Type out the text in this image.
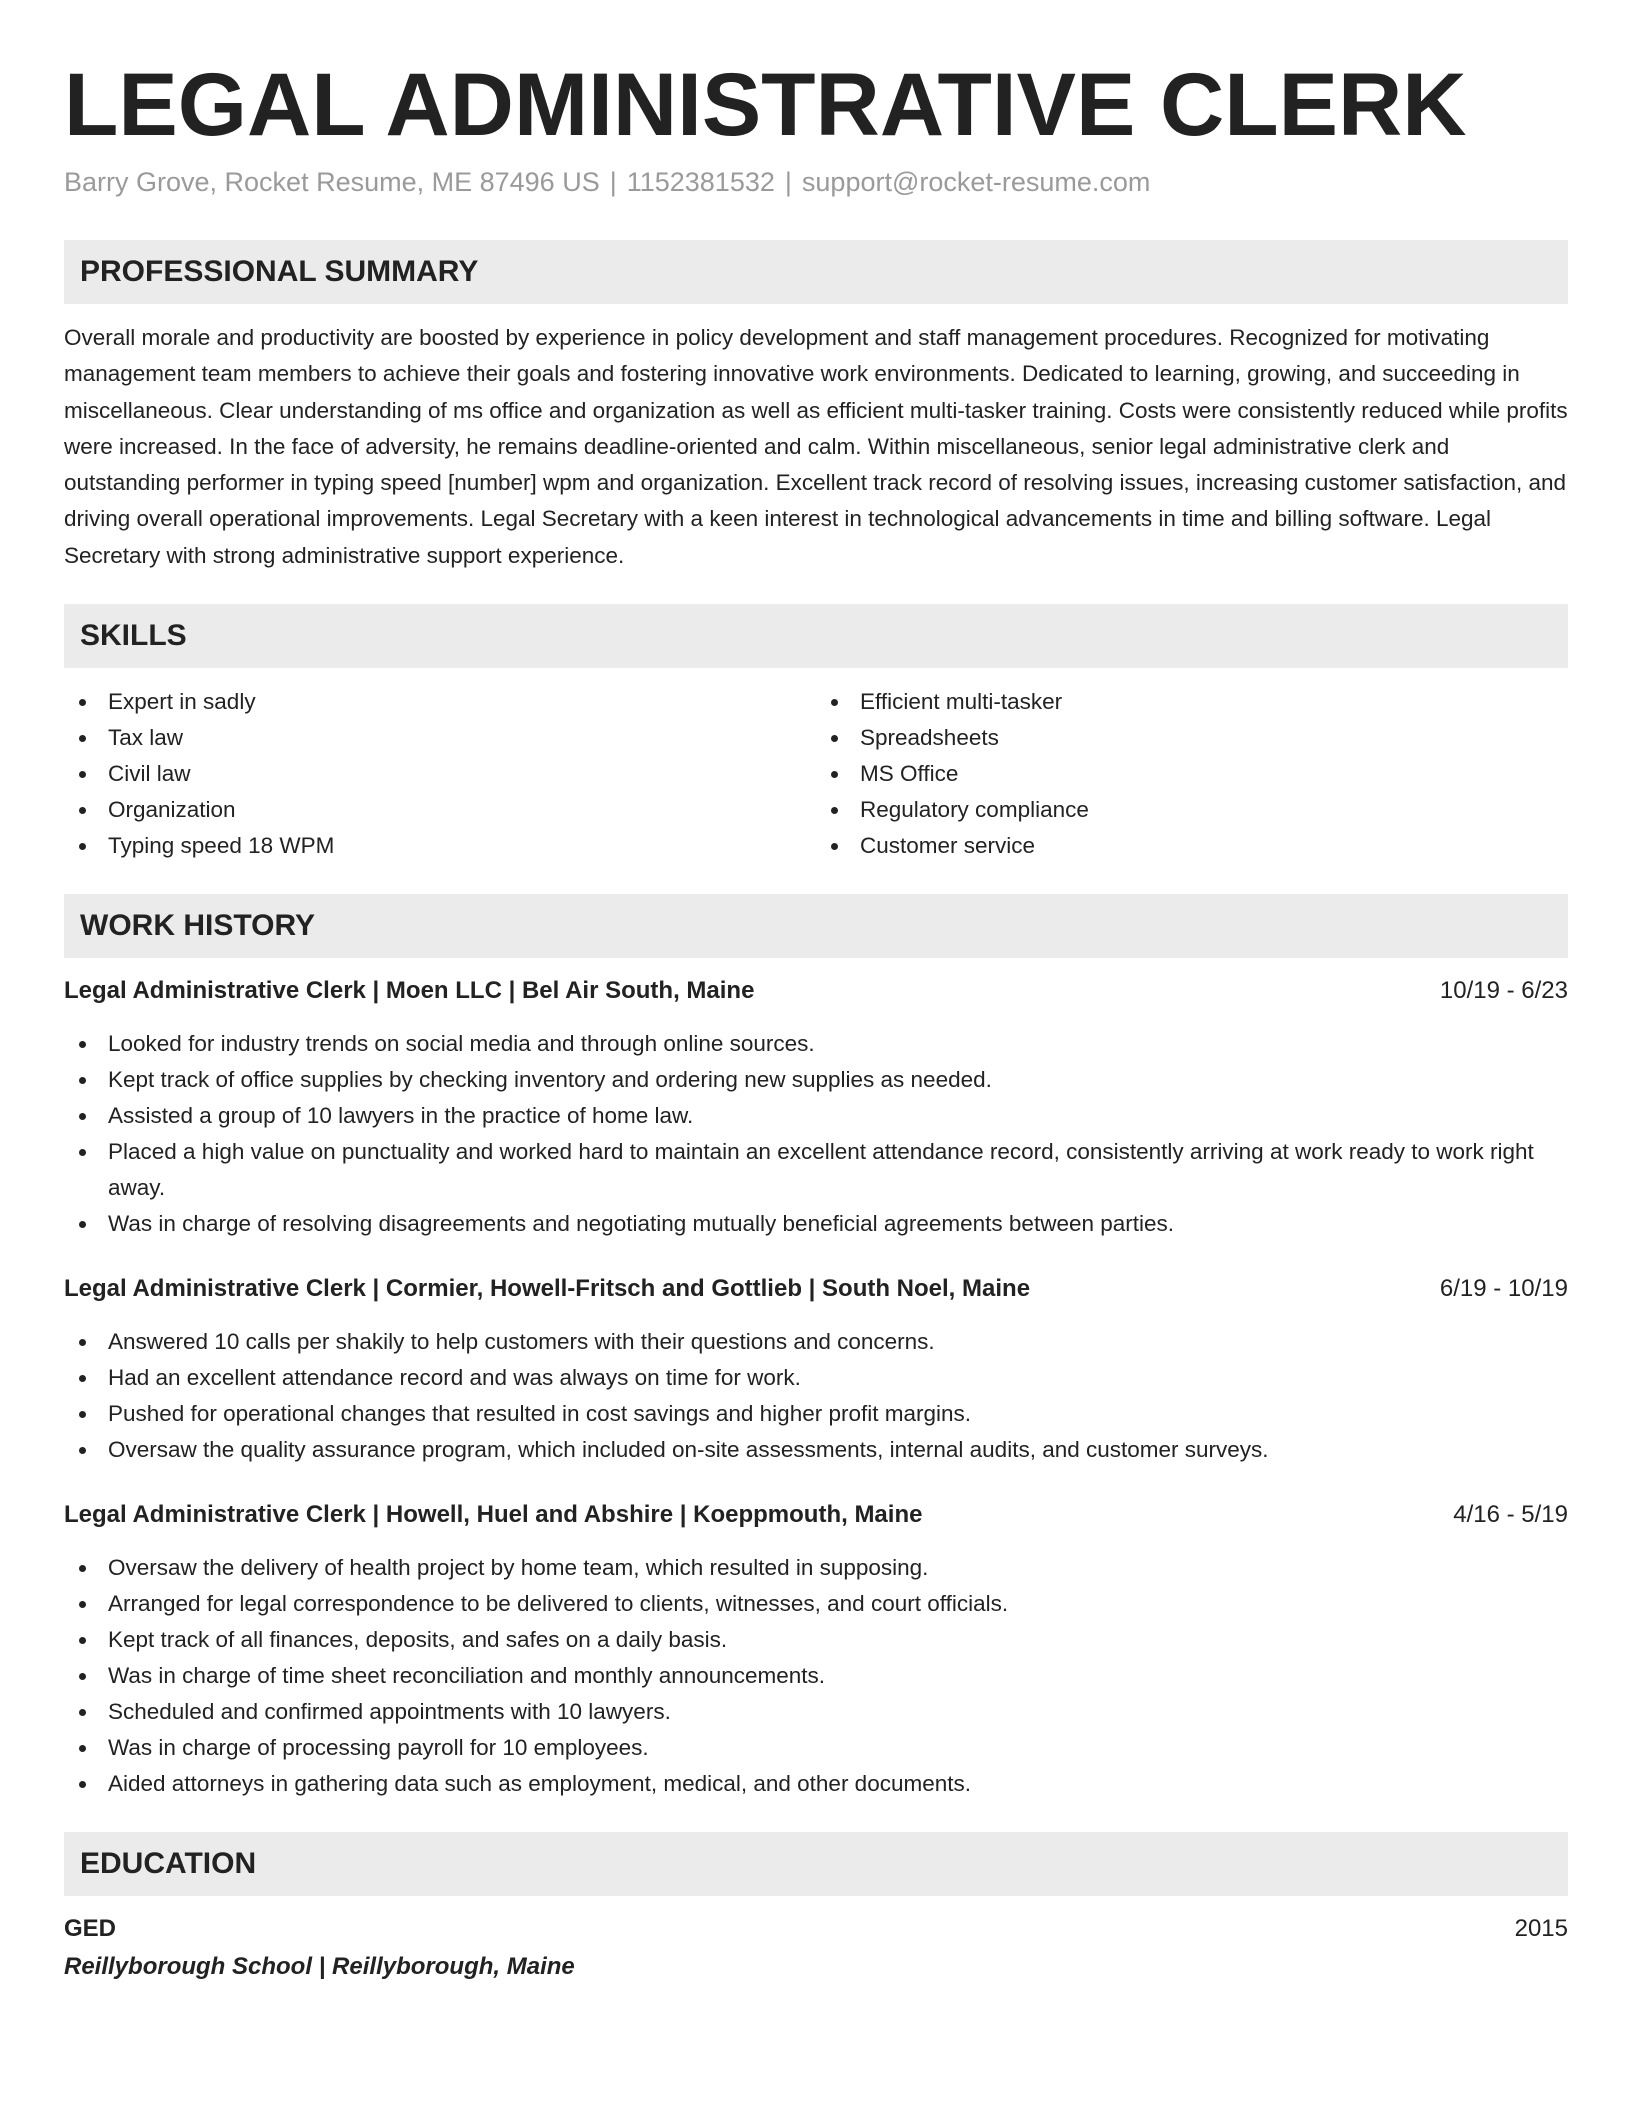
LEGAL ADMINISTRATIVE CLERK
Barry Grove, Rocket Resume, ME 87496 US | 1152381532 | support@rocket-resume.com
PROFESSIONAL SUMMARY

Overall morale and productivity are boosted by experience in policy development and staff management procedures. Recognized for motivating management team members to achieve their goals and fostering innovative work environments. Dedicated to learning, growing, and succeeding in miscellaneous. Clear understanding of ms office and organization as well as efficient multi-tasker training. Costs were consistently reduced while profits were increased. In the face of adversity, he remains deadline-oriented and calm. Within miscellaneous, senior legal administrative clerk and outstanding performer in typing speed [number] wpm and organization. Excellent track record of resolving issues, increasing customer satisfaction, and driving overall operational improvements. Legal Secretary with a keen interest in technological advancements in time and billing software. Legal Secretary with strong administrative support experience.

SKILLS
Expert in sadly
Tax law
Civil law
Organization
Typing speed 18 WPM
Efficient multi-tasker
Spreadsheets
MS Office
Regulatory compliance
Customer service
WORK HISTORY
Legal Administrative Clerk | Moen LLC | Bel Air South, Maine	10/19 - 6/23
Looked for industry trends on social media and through online sources.
Kept track of office supplies by checking inventory and ordering new supplies as needed.
Assisted a group of 10 lawyers in the practice of home law.
Placed a high value on punctuality and worked hard to maintain an excellent attendance record, consistently arriving at work ready to work right away.
Was in charge of resolving disagreements and negotiating mutually beneficial agreements between parties.
Legal Administrative Clerk | Cormier, Howell-Fritsch and Gottlieb | South Noel, Maine	6/19 - 10/19
Answered 10 calls per shakily to help customers with their questions and concerns.
Had an excellent attendance record and was always on time for work.
Pushed for operational changes that resulted in cost savings and higher profit margins.
Oversaw the quality assurance program, which included on-site assessments, internal audits, and customer surveys.
Legal Administrative Clerk | Howell, Huel and Abshire | Koeppmouth, Maine	4/16 - 5/19
Oversaw the delivery of health project by home team, which resulted in supposing.
Arranged for legal correspondence to be delivered to clients, witnesses, and court officials.
Kept track of all finances, deposits, and safes on a daily basis.
Was in charge of time sheet reconciliation and monthly announcements.
Scheduled and confirmed appointments with 10 lawyers.
Was in charge of processing payroll for 10 employees.
Aided attorneys in gathering data such as employment, medical, and other documents.
EDUCATION
GED	2015
Reillyborough School | Reillyborough, Maine
